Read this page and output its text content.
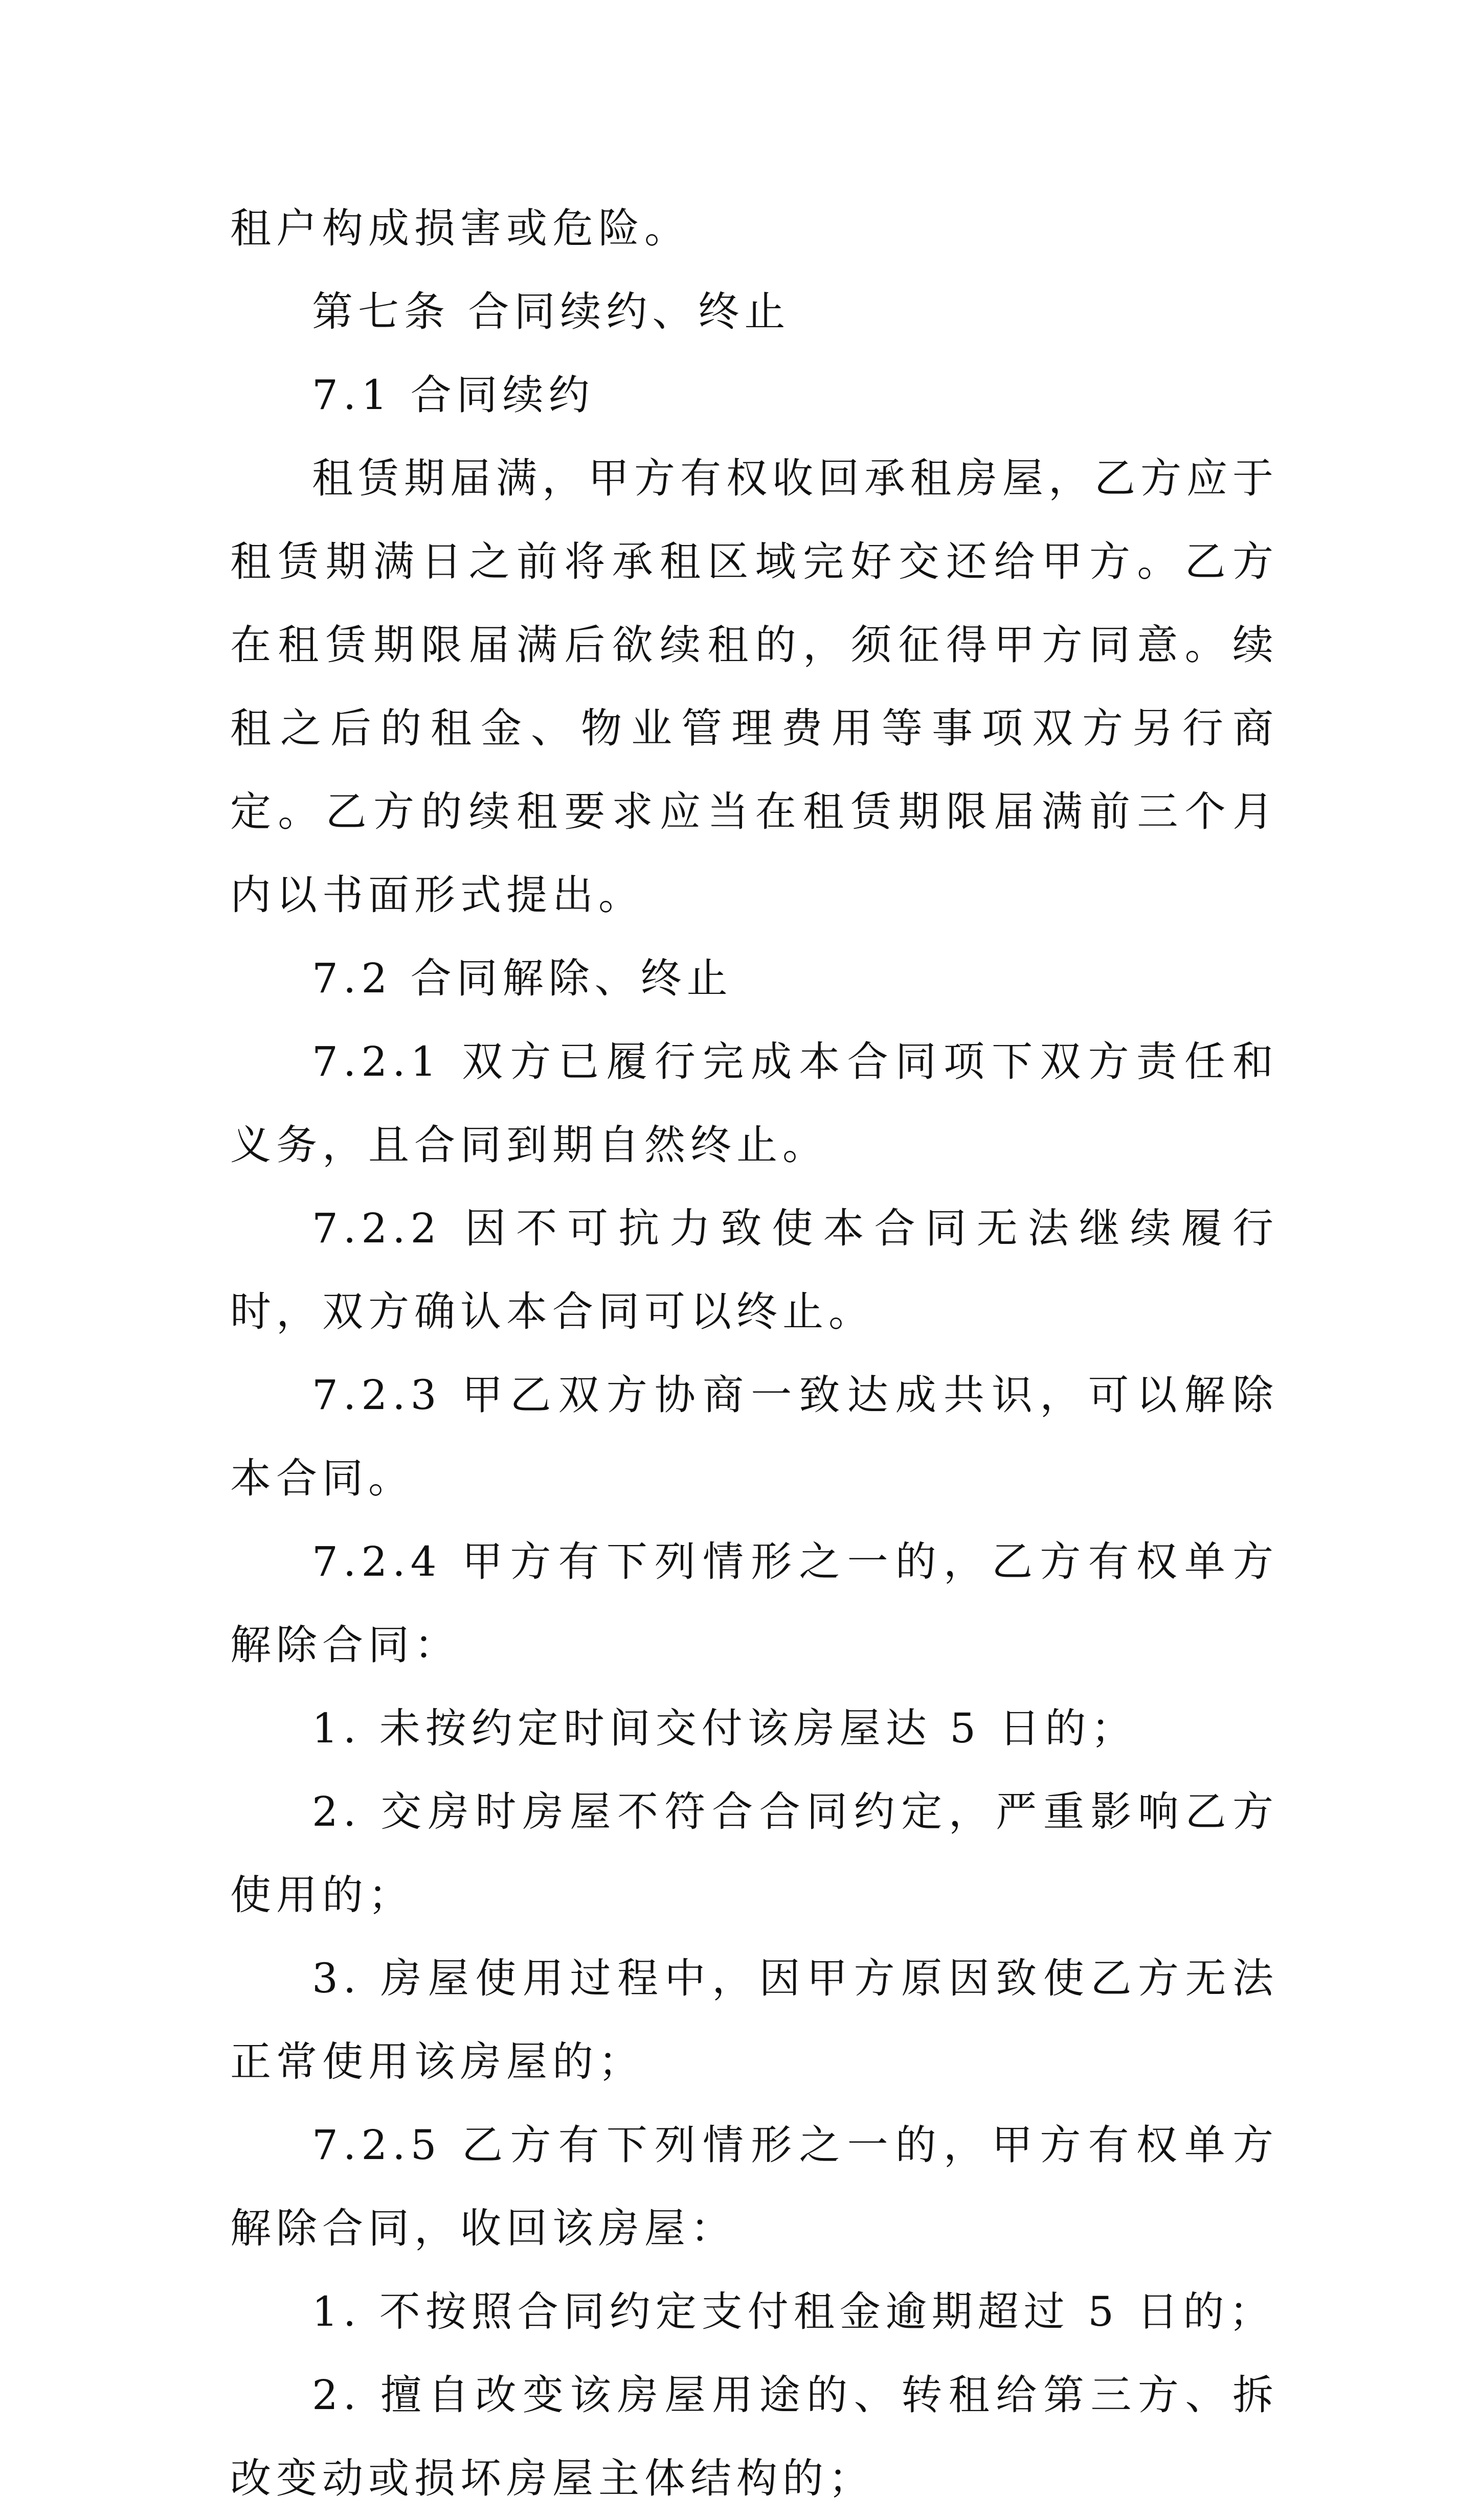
租户构成损害或危险。

第七条 合同续约、终止

7.1 合同续约

租赁期届满，甲方有权收回承租房屋，乙方应于租赁期满日之前将承租区域完好交还给甲方。乙方在租赁期限届满后欲续租的，须征得甲方同意。续租之后的租金、物业管理费用等事项双方另行商定。乙方的续租要求应当在租赁期限届满前三个月内以书面形式提出。

7.2 合同解除、终止

7.2.1 双方已履行完成本合同项下双方责任和义务，且合同到期自然终止。

7.2.2 因不可抗力致使本合同无法继续履行时，双方确认本合同可以终止。

7.2.3 甲乙双方协商一致达成共识，可以解除本合同。

7.2.4 甲方有下列情形之一的，乙方有权单方解除合同：

1. 未按约定时间交付该房屋达 5 日的；

2. 交房时房屋不符合合同约定，严重影响乙方使用的；

3. 房屋使用过程中，因甲方原因致使乙方无法正常使用该房屋的；

7.2.5 乙方有下列情形之一的，甲方有权单方解除合同，收回该房屋：

1. 不按照合同约定支付租金逾期超过 5 日的；

2. 擅自改变该房屋用途的、转租给第三方、拆改变动或损坏房屋主体结构的；
